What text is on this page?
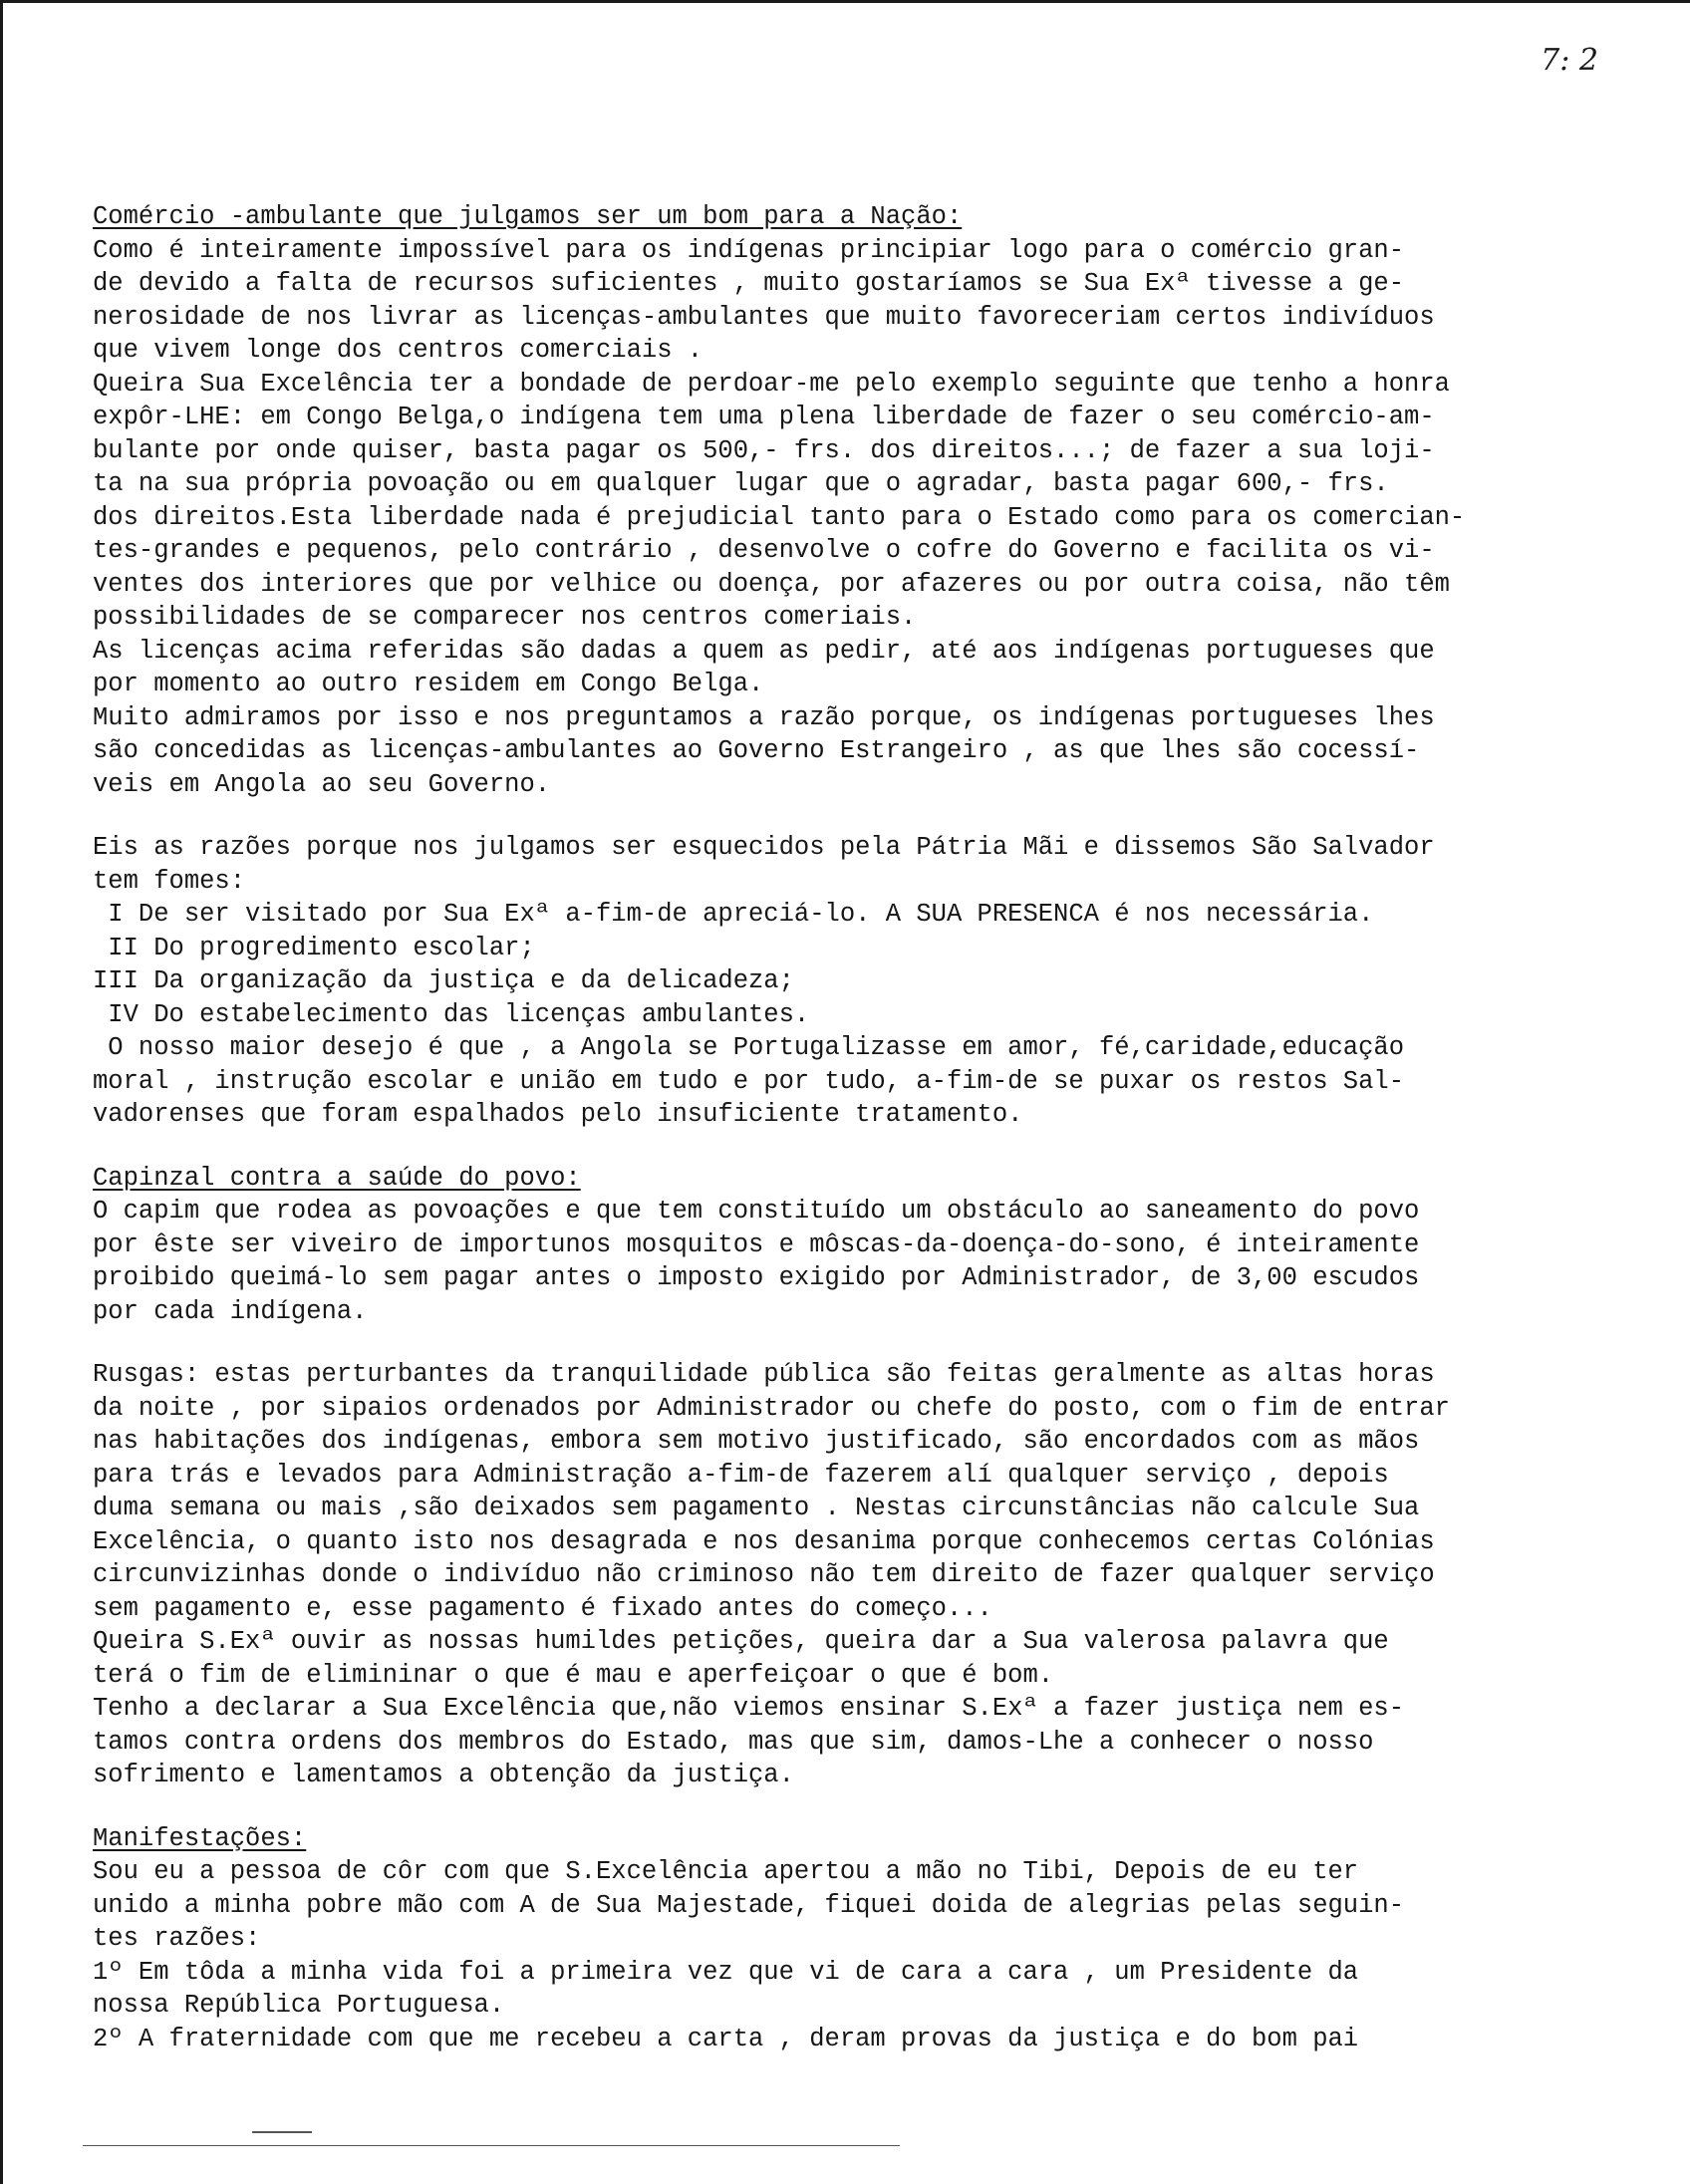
7: 2
Comércio -ambulante que julgamos ser um bom para a Nação:
Como é inteiramente impossível para os indígenas principiar logo para o comércio gran-
de devido a falta de recursos suficientes , muito gostaríamos se Sua Exª tivesse a ge-
nerosidade de nos livrar as licenças-ambulantes que muito favoreceriam certos indivíduos
que vivem longe dos centros comerciais .
Queira Sua Excelência ter a bondade de perdoar-me pelo exemplo seguinte que tenho a honra
expôr-LHE: em Congo Belga,o indígena tem uma plena liberdade de fazer o seu comércio-am-
bulante por onde quiser, basta pagar os 500,- frs. dos direitos...; de fazer a sua loji-
ta na sua própria povoação ou em qualquer lugar que o agradar, basta pagar 600,- frs.
dos direitos.Esta liberdade nada é prejudicial tanto para o Estado como para os comercian-
tes-grandes e pequenos, pelo contrário , desenvolve o cofre do Governo e facilita os vi-
ventes dos interiores que por velhice ou doença, por afazeres ou por outra coisa, não têm
possibilidades de se comparecer nos centros comeriais.
As licenças acima referidas são dadas a quem as pedir, até aos indígenas portugueses que
por momento ao outro residem em Congo Belga.
Muito admiramos por isso e nos preguntamos a razão porque, os indígenas portugueses lhes
são concedidas as licenças-ambulantes ao Governo Estrangeiro , as que lhes são cocessí-
veis em Angola ao seu Governo.
Eis as razões porque nos julgamos ser esquecidos pela Pátria Mãi e dissemos São Salvador
tem fomes:
I De ser visitado por Sua Exª a-fim-de apreciá-lo. A SUA PRESENCA é nos necessária.
II Do progredimento escolar;
III Da organização da justiça e da delicadeza;
IV Do estabelecimento das licenças ambulantes.
O nosso maior desejo é que , a Angola se Portugalizasse em amor, fé,caridade,educação
moral , instrução escolar e união em tudo e por tudo, a-fim-de se puxar os restos Sal-
vadorenses que foram espalhados pelo insuficiente tratamento.
Capinzal contra a saúde do povo:
O capim que rodea as povoações e que tem constituído um obstáculo ao saneamento do povo
por êste ser viveiro de importunos mosquitos e môscas-da-doença-do-sono, é inteiramente
proibido queimá-lo sem pagar antes o imposto exigido por Administrador, de 3,00 escudos
por cada indígena.
Rusgas: estas perturbantes da tranquilidade pública são feitas geralmente as altas horas
da noite , por sipaios ordenados por Administrador ou chefe do posto, com o fim de entrar
nas habitações dos indígenas, embora sem motivo justificado, são encordados com as mãos
para trás e levados para Administração a-fim-de fazerem alí qualquer serviço , depois
duma semana ou mais ,são deixados sem pagamento . Nestas circunstâncias não calcule Sua
Excelência, o quanto isto nos desagrada e nos desanima porque conhecemos certas Colónias
circunvizinhas donde o indivíduo não criminoso não tem direito de fazer qualquer serviço
sem pagamento e, esse pagamento é fixado antes do começo...
Queira S.Exª ouvir as nossas humildes petições, queira dar a Sua valerosa palavra que
terá o fim de elimininar o que é mau e aperfeiçoar o que é bom.
Tenho a declarar a Sua Excelência que,não viemos ensinar S.Exª a fazer justiça nem es-
tamos contra ordens dos membros do Estado, mas que sim, damos-Lhe a conhecer o nosso
sofrimento e lamentamos a obtenção da justiça.
Manifestações:
Sou eu a pessoa de côr com que S.Excelência apertou a mão no Tibi, Depois de eu ter
unido a minha pobre mão com A de Sua Majestade, fiquei doida de alegrias pelas seguin-
tes razões:
1º Em tôda a minha vida foi a primeira vez que vi de cara a cara , um Presidente da
nossa República Portuguesa.
2º A fraternidade com que me recebeu a carta , deram provas da justiça e do bom pai
